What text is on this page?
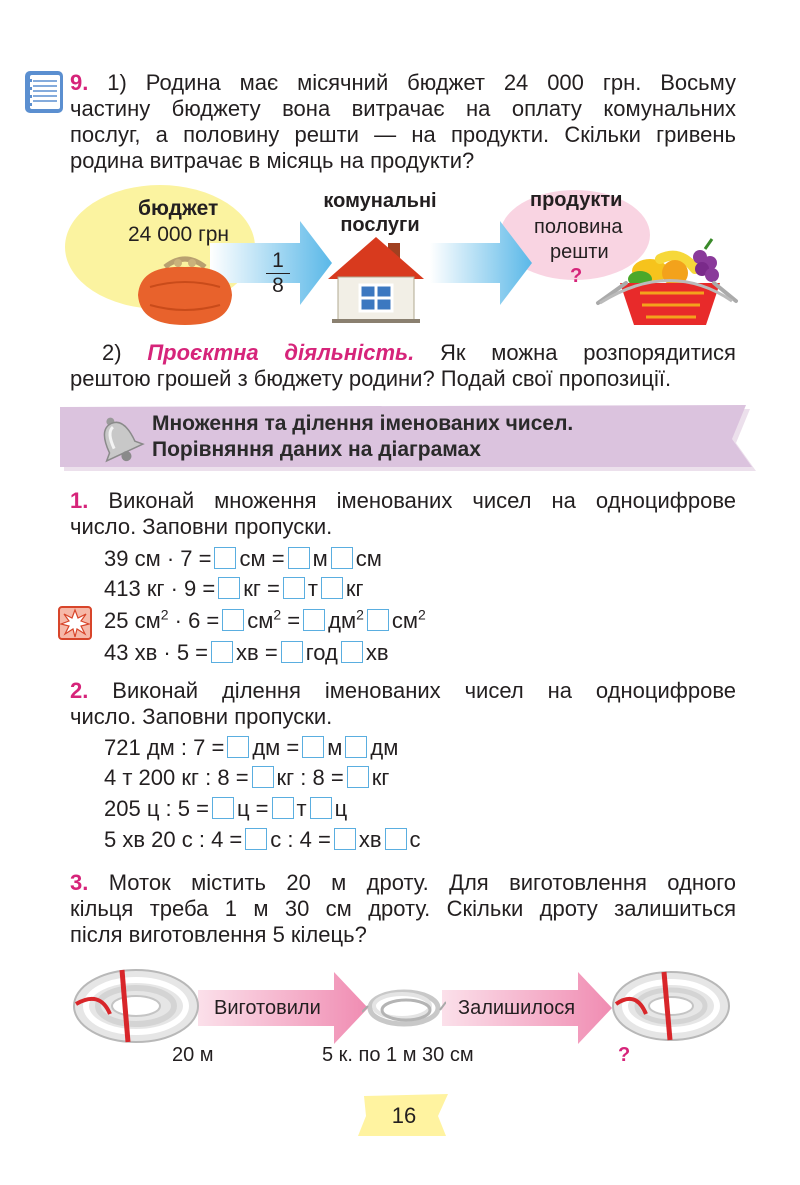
9. 1) Родина має місячний бюджет 24 000 грн. Восьму
частину бюджету вона витрачає на оплату комунальних
послуг, а половину решти — на продукти. Скільки гривень
родина витрачає в місяць на продукти?
бюджет
24 000 грн
1
8
комунальні
послуги
продукти
половина
решти
?
2) Проєктна діяльність. Як можна розпорядитися
рештою грошей з бюджету родини? Подай свої пропозиції.
Множення та ділення іменованих чисел.
Порівняння даних на діаграмах
1. Виконай множення іменованих чисел на одноцифрове
число. Заповни пропуски.
39 см · 7 = см = м см
413 кг · 9 = кг = т кг
25 $см^2 \cdot 6 = см^2 = дм^2$ $см^2$
43 хв · 5 = хв = год хв
2. Виконай ділення іменованих чисел на одноцифрове
число. Заповни пропуски.
721 дм : 7 = дм = м дм
4 т 200 кг : 8 = кг : 8 = кг
205 ц : 5 = ц = т ц
5 хв 20 с : 4 = с : 4 = хв с
3. Моток містить 20 м дроту. Для виготовлення одного
кільця треба 1 м 30 см дроту. Скільки дроту залишиться
після виготовлення 5 кілець?
Виготовили	Залишилося
20 м	5 к. по 1 м 30 см	?
16
